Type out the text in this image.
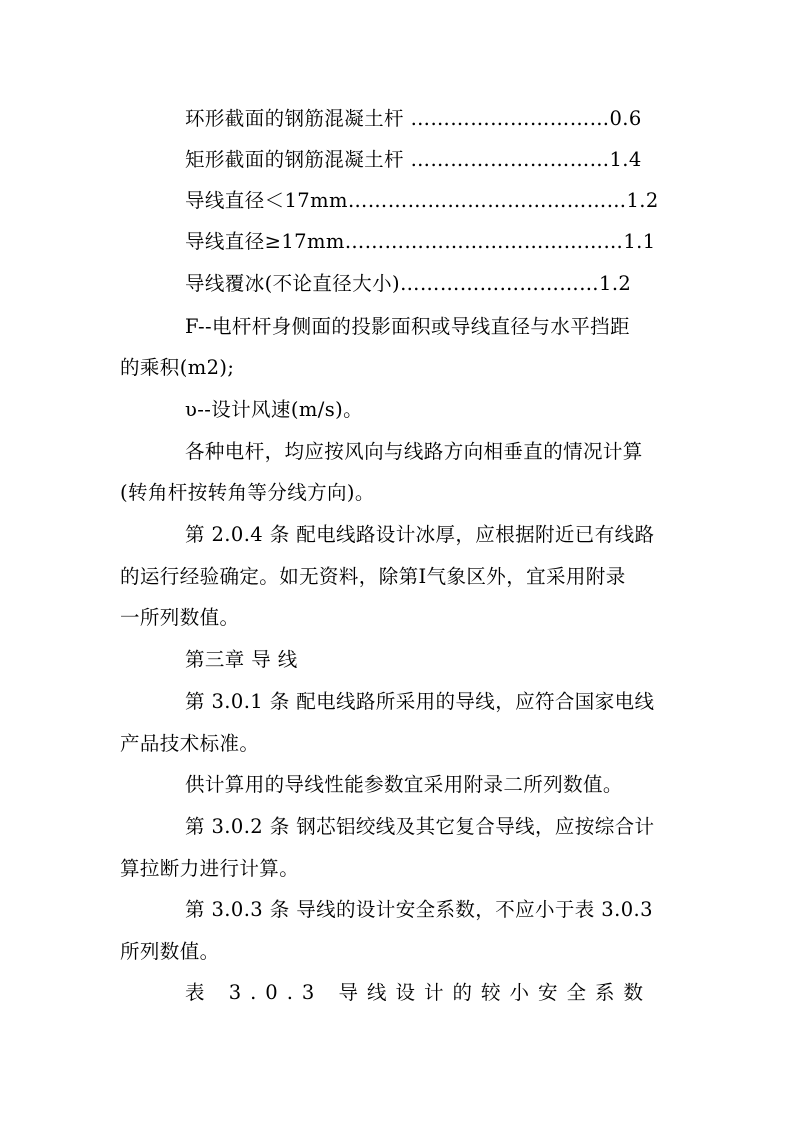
环形截面的钢筋混凝土杆 …………………………0.6
矩形截面的钢筋混凝土杆 …………………………1.4
导线直径＜17mm……………………………………1.2
导线直径≥17mm……………………………………1.1
导线覆冰(不论直径大小)…………………………1.2
F--电杆杆身侧面的投影面积或导线直径与水平挡距
的乘积(m2);
υ--设计风速(m/s)。
各种电杆，均应按风向与线路方向相垂直的情况计算
(转角杆按转角等分线方向)。
第 2.0.4 条 配电线路设计冰厚，应根据附近已有线路
的运行经验确定。如无资料，除第Ⅰ气象区外，宜采用附录
一所列数值。
第三章 导 线
第 3.0.1 条 配电线路所采用的导线，应符合国家电线
产品技术标准。
供计算用的导线性能参数宜采用附录二所列数值。
第 3.0.2 条 钢芯铝绞线及其它复合导线，应按综合计
算拉断力进行计算。
第 3.0.3 条 导线的设计安全系数，不应小于表 3.0.3
所列数值。
表 3.0.3 导线设计的较小安全系数
